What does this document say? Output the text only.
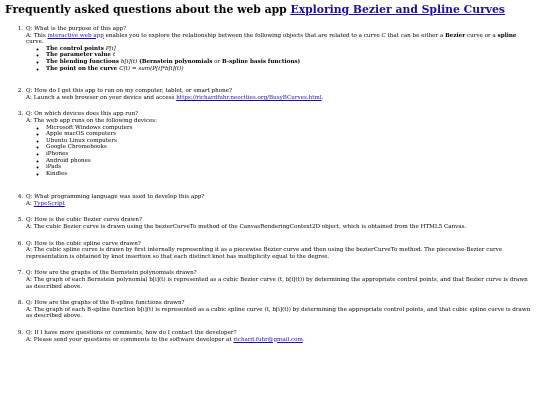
Frequently asked questions about the web app Exploring Bezier and Spline Curves
1. Q: What is the purpose of this app?
A: This interactive web app enables you to explore the relationship between the following objects that are related to a curve C that can be either a Bezier curve or a spline curve.
◦ The control points P[i]
◦ The parameter value t
◦ The blending functions b[i](t) (Bernstein polynomials or B-spline basis functions)
◦ The point on the curve C(t) = sum(P[i]*b[i](t))
2. Q: How do I get this app to run on my computer, tablet, or smart phone?
A: Launch a web browser on your device and access https://richardfuhr.neocities.org/BusyBCurves.html.
3. Q: On which devices does this app run?
A: The web app runs on the following devices:
◦ Microsoft Windows computers
◦ Apple macOS computers
◦ Ubuntu Linux computers
◦ Google Chromebooks
◦ iPhones
◦ Android phones
◦ iPads
◦ Kindles
4. Q: What programming language was used to develop this app?
A: TypeScript
5. Q: How is the cubic Bezier curve drawn?
A: The cubic Bezier curve is drawn using the bezierCurveTo method of the CanvasRenderingContext2D object, which is obtained from the HTML5 Canvas.
6. Q: How is the cubic spline curve drawn?
A: The cubic spline curve is drawn by first internally representing it as a piecewise Bezier curve and then using the bezierCurveTo method. The piecewise-Bezier curve representation is obtained by knot insertion so that each distinct knot has multiplicity equal to the degree.
7. Q: How are the graphs of the Bernstein polynomials drawn?
A: The graph of each Bernstein polynomial b[i](t) is represented as a cubic Bezier curve (t, b[i](t)) by determining the appropriate control points, and that Bezier curve is drawn as described above.
8. Q: How are the graphs of the B-spline functions drawn?
A: The graph of each B-spline function b[i](t) is represented as a cubic spline curve (t, b[i](t)) by determining the appropriate control points, and that cubic spline curve is drawn as described above.
9. Q: If I have more questions or comments, how do I contact the developer?
A: Please send your questions or comments to the software developer at richard.fuhr@gmail.com.
